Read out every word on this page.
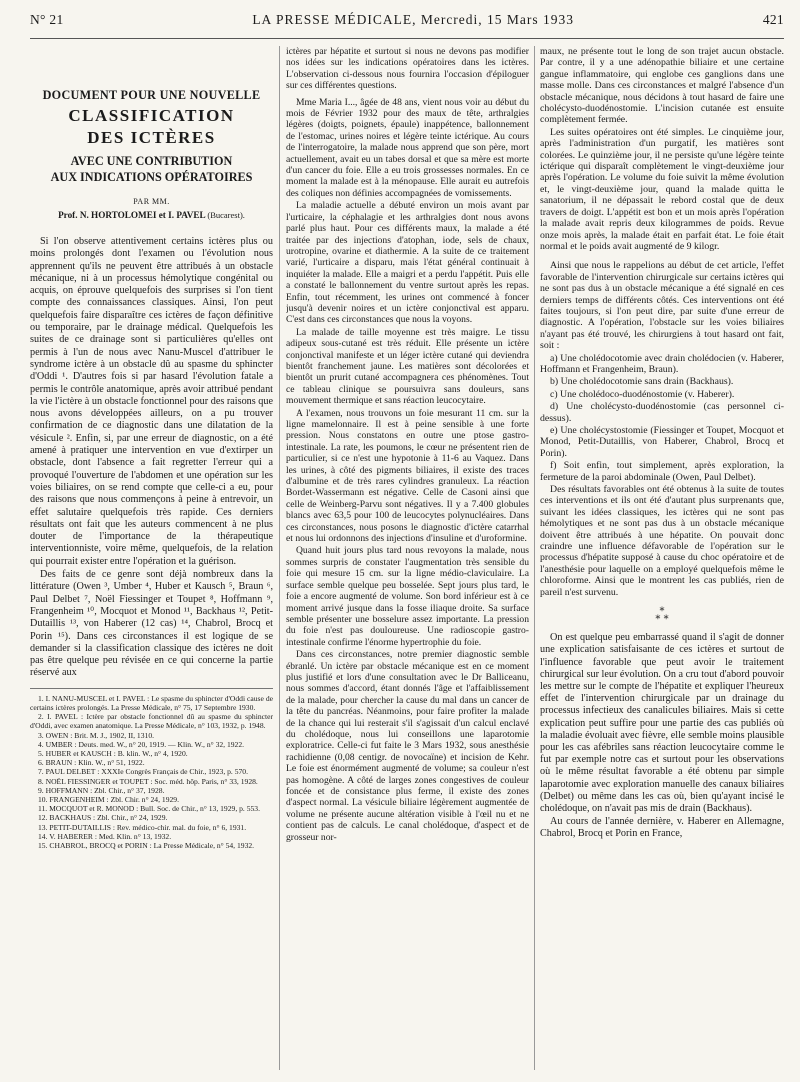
N° 21	LA PRESSE MÉDICALE, Mercredi, 15 Mars 1933	421
DOCUMENT POUR UNE NOUVELLE
CLASSIFICATION
DES ICTÈRES
AVEC UNE CONTRIBUTION
AUX INDICATIONS OPÉRATOIRES
PAR MM.
Prof. N. HORTOLOMEI et I. PAVEL (Bucarest).

Si l'on observe attentivement certains ictères plus ou moins prolongés dont l'examen ou l'évolution nous apprennent qu'ils ne peuvent être attribués à un obstacle mécanique, ni à un processus hémolytique congénital ou acquis, on éprouve quelquefois des surprises si l'on tient compte des connaissances classiques. Ainsi, l'on peut quelquefois faire disparaître ces ictères de façon définitive ou temporaire, par le drainage médical. Quelquefois les suites de ce drainage sont si particulières qu'elles ont permis à l'un de nous avec Nanu-Muscel d'attribuer le syndrome ictère à un obstacle dû au spasme du sphincter d'Oddi ¹. D'autres fois si par hasard l'évolution fatale a permis le contrôle anatomique, après avoir attribué pendant la vie l'ictère à un obstacle fonctionnel pour des raisons que nous avons développées ailleurs, on a pu trouver confirmation de ce diagnostic dans une dilatation de la vésicule ². Enfin, si, par une erreur de diagnostic, on a été amené à pratiquer une intervention en vue d'extirper un obstacle, dont l'absence a fait regretter l'erreur qui a provoqué l'ouverture de l'abdomen et une opération sur les voies biliaires, on se rend compte que celle-ci a eu, pour des raisons que nous commençons à peine à entrevoir, un effet salutaire quelquefois très rapide. Ces derniers résultats ont fait que les auteurs commencent à ne plus douter de l'importance de la thérapeutique interventionniste, voire même, quelquefois, de la relation qui pourrait exister entre l'opération et la guérison.

Des faits de ce genre sont déjà nombreux dans la littérature (Owen ³, Umber ⁴, Huber et Kausch ⁵, Braun ⁶, Paul Delbet ⁷, Noël Fiessinger et Toupet ⁸, Hoffmann ⁹, Frangenheim ¹⁰, Mocquot et Monod ¹¹, Backhaus ¹², Petit-Dutaillis ¹³, von Haberer (12 cas) ¹⁴, Chabrol, Brocq et Porin ¹⁵). Dans ces circonstances il est logique de se demander si la classification classique des ictères ne doit pas être quelque peu révisée en ce qui concerne la partie réservé aux

1. I. NANU-MUSCEL et I. PAVEL : Le spasme du sphincter d'Oddi cause de certains ictères prolongés. La Presse Médicale, n° 75, 17 Septembre 1930.
2. I. PAVEL : Ictère par obstacle fonctionnel dû au spasme du sphincter d'Oddi, avec examen anatomique. La Presse Médicale, n° 103, 1932, p. 1948.
3. OWEN : Brit. M. J., 1902, II, 1310.
4. UMBER : Deuts. med. W., n° 20, 1919. — Klin. W., n° 32, 1922.
5. HUBER et KAUSCH : B. klin. W., n° 4, 1920.
6. BRAUN : Klin. W., n° 51, 1922.
7. PAUL DELBET : XXXIe Congrès Français de Chir., 1923, p. 570.
8. NOËL FIESSINGER et TOUPET : Soc. méd. hôp. Paris, n° 33, 1928.
9. HOFFMANN : Zbl. Chir., n° 37, 1928.
10. FRANGENHEIM : Zbl. Chir. n° 24, 1929.
11. MOCQUOT et R. MONOD : Bull. Soc. de Chir., n° 13, 1929, p. 553.
12. BACKHAUS : Zbl. Chir., n° 24, 1929.
13. PETIT-DUTAILLIS : Rev. médico-chir. mal. du foie, n° 6, 1931.
14. V. HABERER : Med. Klin. n° 13, 1932.
15. CHABROL, BROCQ et PORIN : La Presse Médicale, n° 54, 1932.

ictères par hépatite et surtout si nous ne devons pas modifier nos idées sur les indications opératoires dans les ictères. L'observation ci-dessous nous fournira l'occasion d'épiloguer sur ces différentes questions.

Mme Maria I..., âgée de 48 ans, vient nous voir au début du mois de Février 1932 pour des maux de tête, arthralgies légères (doigts, poignets, épaule) inappétence, ballonnement de l'estomac, urines noires et légère teinte ictérique. Au cours de l'interrogatoire, la malade nous apprend que son père, mort actuellement, avait eu un tabes dorsal et que sa mère est morte d'un cancer du foie. Elle a eu trois grossesses normales. En ce moment la malade est à la ménopause. Elle aurait eu autrefois des coliques non définies accompagnées de vomissements.

La maladie actuelle a débuté environ un mois avant par l'urticaire, la céphalagie et les arthralgies dont nous avons parlé plus haut. Pour ces différents maux, la malade a été traitée par des injections d'atophan, iode, sels de chaux, urotropine, ovarine et diathermie. A la suite de ce traitement varié, l'urticaire a disparu, mais l'état général continuait à inquiéter la malade. Elle a maigri et a perdu l'appétit. Puis elle a constaté le ballonnement du ventre surtout après les repas. Enfin, tout récemment, les urines ont commencé à foncer jusqu'à devenir noires et un ictère conjonctival est apparu. C'est dans ces circonstances que nous la voyons.

La malade de taille moyenne est très maigre. Le tissu adipeux sous-cutané est très réduit. Elle présente un ictère conjonctival manifeste et un léger ictère cutané qui deviendra bientôt franchement jaune. Les matières sont décolorées et bientôt un prurit cutané accompagnera ces phénomènes. Tout ce tableau clinique se poursuivra sans douleurs, sans mouvement thermique et sans réaction leucocytaire.

A l'examen, nous trouvons un foie mesurant 11 cm. sur la ligne mamelonnaire. Il est à peine sensible à une forte pression. Nous constatons en outre une ptose gastro-intestinale. La rate, les poumons, le cœur ne présentent rien de particulier, si ce n'est une hypotonie à 11-6 au Vaquez. Dans les urines, à côté des pigments biliaires, il existe des traces d'albumine et de très rares cylindres granuleux. La réaction Bordet-Wassermann est négative. Celle de Casoni ainsi que celle de Weinberg-Parvu sont négatives. Il y a 7.400 globules blancs avec 63,5 pour 100 de leucocytes polynucléaires. Dans ces circonstances, nous posons le diagnostic d'ictère catarrhal et nous lui ordonnons des injections d'insuline et d'uroformine.

Quand huit jours plus tard nous revoyons la malade, nous sommes surpris de constater l'augmentation très sensible du foie qui mesure 15 cm. sur la ligne médio-claviculaire. La surface semble quelque peu bosselée. Sept jours plus tard, le foie a encore augmenté de volume. Son bord inférieur est à ce moment arrivé jusque dans la fosse iliaque droite. Sa surface semble présenter une bosselure assez importante. La pression du foie n'est pas douloureuse. Une radioscopie gastro-intestinale confirme l'énorme hypertrophie du foie.

Dans ces circonstances, notre premier diagnostic semble ébranlé. Un ictère par obstacle mécanique est en ce moment plus justifié et lors d'une consultation avec le Dr Balliceanu, nous sommes d'accord, étant donnés l'âge et l'affaiblissement de la malade, pour chercher la cause du mal dans un cancer de la tête du pancréas. Néanmoins, pour faire profiter la malade de la chance qui lui resterait s'il s'agissait d'un calcul enclavé du cholédoque, nous lui conseillons une laparotomie exploratrice. Celle-ci fut faite le 3 Mars 1932, sous anesthésie rachidienne (0,08 centigr. de novocaïne) et incision de Kehr. Le foie est énormément augmenté de volume; sa couleur n'est pas homogène. A côté de larges zones congestives de couleur foncée et de consistance plus ferme, il existe des zones d'aspect normal. La vésicule biliaire légèrement augmentée de volume ne présente aucune altération visible à l'œil nu et ne contient pas de calculs. Le canal cholédoque, d'aspect et de grosseur nor-

maux, ne présente tout le long de son trajet aucun obstacle. Par contre, il y a une adénopathie biliaire et une certaine gangue inflammatoire, qui englobe ces ganglions dans une masse molle. Dans ces circonstances et malgré l'absence d'un obstacle mécanique, nous décidons à tout hasard de faire une cholécysto-duodénostomie. L'incision cutanée est ensuite complètement fermée.

Les suites opératoires ont été simples. Le cinquième jour, après l'administration d'un purgatif, les matières sont colorées. Le quinzième jour, il ne persiste qu'une légère teinte ictérique qui disparaît complètement le vingt-deuxième jour après l'opération. Le volume du foie suivit la même évolution et, le vingt-deuxième jour, quand la malade quitta le sanatorium, il ne dépassait le rebord costal que de deux travers de doigt. L'appétit est bon et un mois après l'opération la malade avait repris deux kilogrammes de poids. Revue onze mois après, la malade était en parfait état. Le foie était normal et le poids avait augmenté de 9 kilogr.

Ainsi que nous le rappelions au début de cet article, l'effet favorable de l'intervention chirurgicale sur certains ictères qui ne sont pas dus à un obstacle mécanique a été signalé en ces derniers temps de différents côtés. Ces interventions ont été faites toujours, si l'on peut dire, par suite d'une erreur de diagnostic. A l'opération, l'obstacle sur les voies biliaires n'ayant pas été trouvé, les chirurgiens à tout hasard ont fait, soit :

a) Une cholédocotomie avec drain cholédocien (v. Haberer, Hoffmann et Frangenheim, Braun).

b) Une cholédocotomie sans drain (Backhaus).

c) Une cholédoco-duodénostomie (v. Haberer).

d) Une cholécysto-duodénostomie (cas personnel ci-dessus).

e) Une cholécystostomie (Fiessinger et Toupet, Mocquot et Monod, Petit-Dutaillis, von Haberer, Chabrol, Brocq et Porin).

f) Soit enfin, tout simplement, après exploration, la fermeture de la paroi abdominale (Owen, Paul Delbet).

Des résultats favorables ont été obtenus à la suite de toutes ces interventions et ils ont été d'autant plus surprenants que, suivant les idées classiques, les ictères qui ne sont pas hémolytiques et ne sont pas dus à un obstacle mécanique doivent être attribués à une hépatite. On pouvait donc craindre une influence défavorable de l'opération sur le processus d'hépatite supposé à cause du choc opératoire et de l'anesthésie pour laquelle on a employé quelquefois même le chloroforme. Ainsi que le montrent les cas publiés, rien de pareil n'est survenu.

*
* *

On est quelque peu embarrassé quand il s'agit de donner une explication satisfaisante de ces ictères et surtout de l'influence favorable que peut avoir le traitement chirurgical sur leur évolution. On a cru tout d'abord pouvoir les mettre sur le compte de l'hépatite et expliquer l'heureux effet de l'intervention chirurgicale par un drainage du processus infectieux des canalicules biliaires. Mais si cette explication peut suffire pour une partie des cas publiés où la maladie évoluait avec fièvre, elle semble moins plausible pour les cas afébriles sans réaction leucocytaire comme le fut par exemple notre cas et surtout pour les observations où le même résultat favorable a été obtenu par simple laparotomie avec exploration manuelle des canaux biliaires (Delbet) ou même dans les cas où, bien qu'ayant incisé le cholédoque, on n'avait pas mis de drain (Backhaus).

Au cours de l'année dernière, v. Haberer en Allemagne, Chabrol, Brocq et Porin en France,
